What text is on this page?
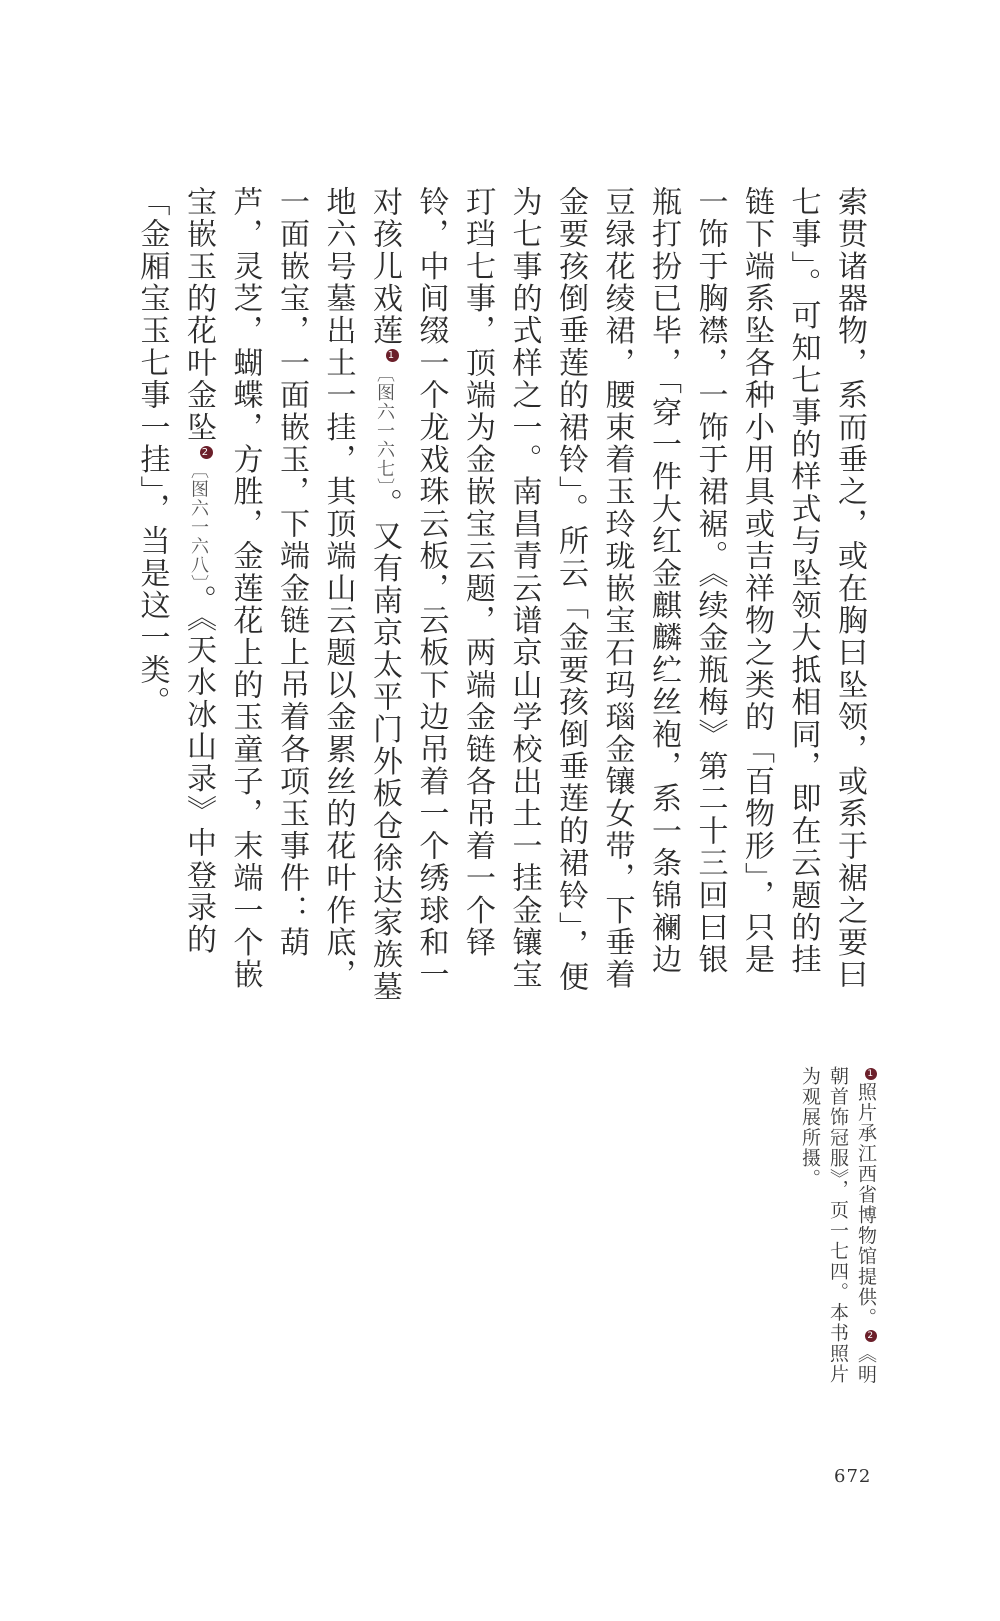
索贯诸器物，系而垂之，或在胸曰坠领，或系于裾之要曰七事」。可知七事的样式与坠领大抵相同，即在云题的挂链下端系坠各种小用具或吉祥物之类的「百物形」，只是一饰于胸襟，一饰于裙裾。《续金瓶梅》第二十三回曰银瓶打扮已毕，「穿一件大红金麒麟纻丝袍，系一条锦襕边豆绿花绫裙，腰束着玉玲珑嵌宝石玛瑙金镶女带，下垂着金要孩倒垂莲的裙铃」。所云「金要孩倒垂莲的裙铃」，便为七事的式样之一。南昌青云谱京山学校出土一挂金镶宝玎珰七事，顶端为金嵌宝云题，两端金链各吊着一个铎铃，中间缀一个龙戏珠云板，云板下边吊着一个绣球和一对孩儿戏莲1〔图六一六七〕。又有南京太平门外板仓徐达家族墓地六号墓出土一挂，其顶端山云题以金累丝的花叶作底，一面嵌宝，一面嵌玉，下端金链上吊着各项玉事件：葫芦，灵芝，蝴蝶，方胜，金莲花上的玉童子，末端一个嵌宝嵌玉的花叶金坠2〔图六一六八〕。《天水冰山录》中登录的「金厢宝玉七事一挂」，当是这一类。

1照片承江西省博物馆提供。2《明朝首饰冠服》，页一七四。本书照片为观展所摄。
672
